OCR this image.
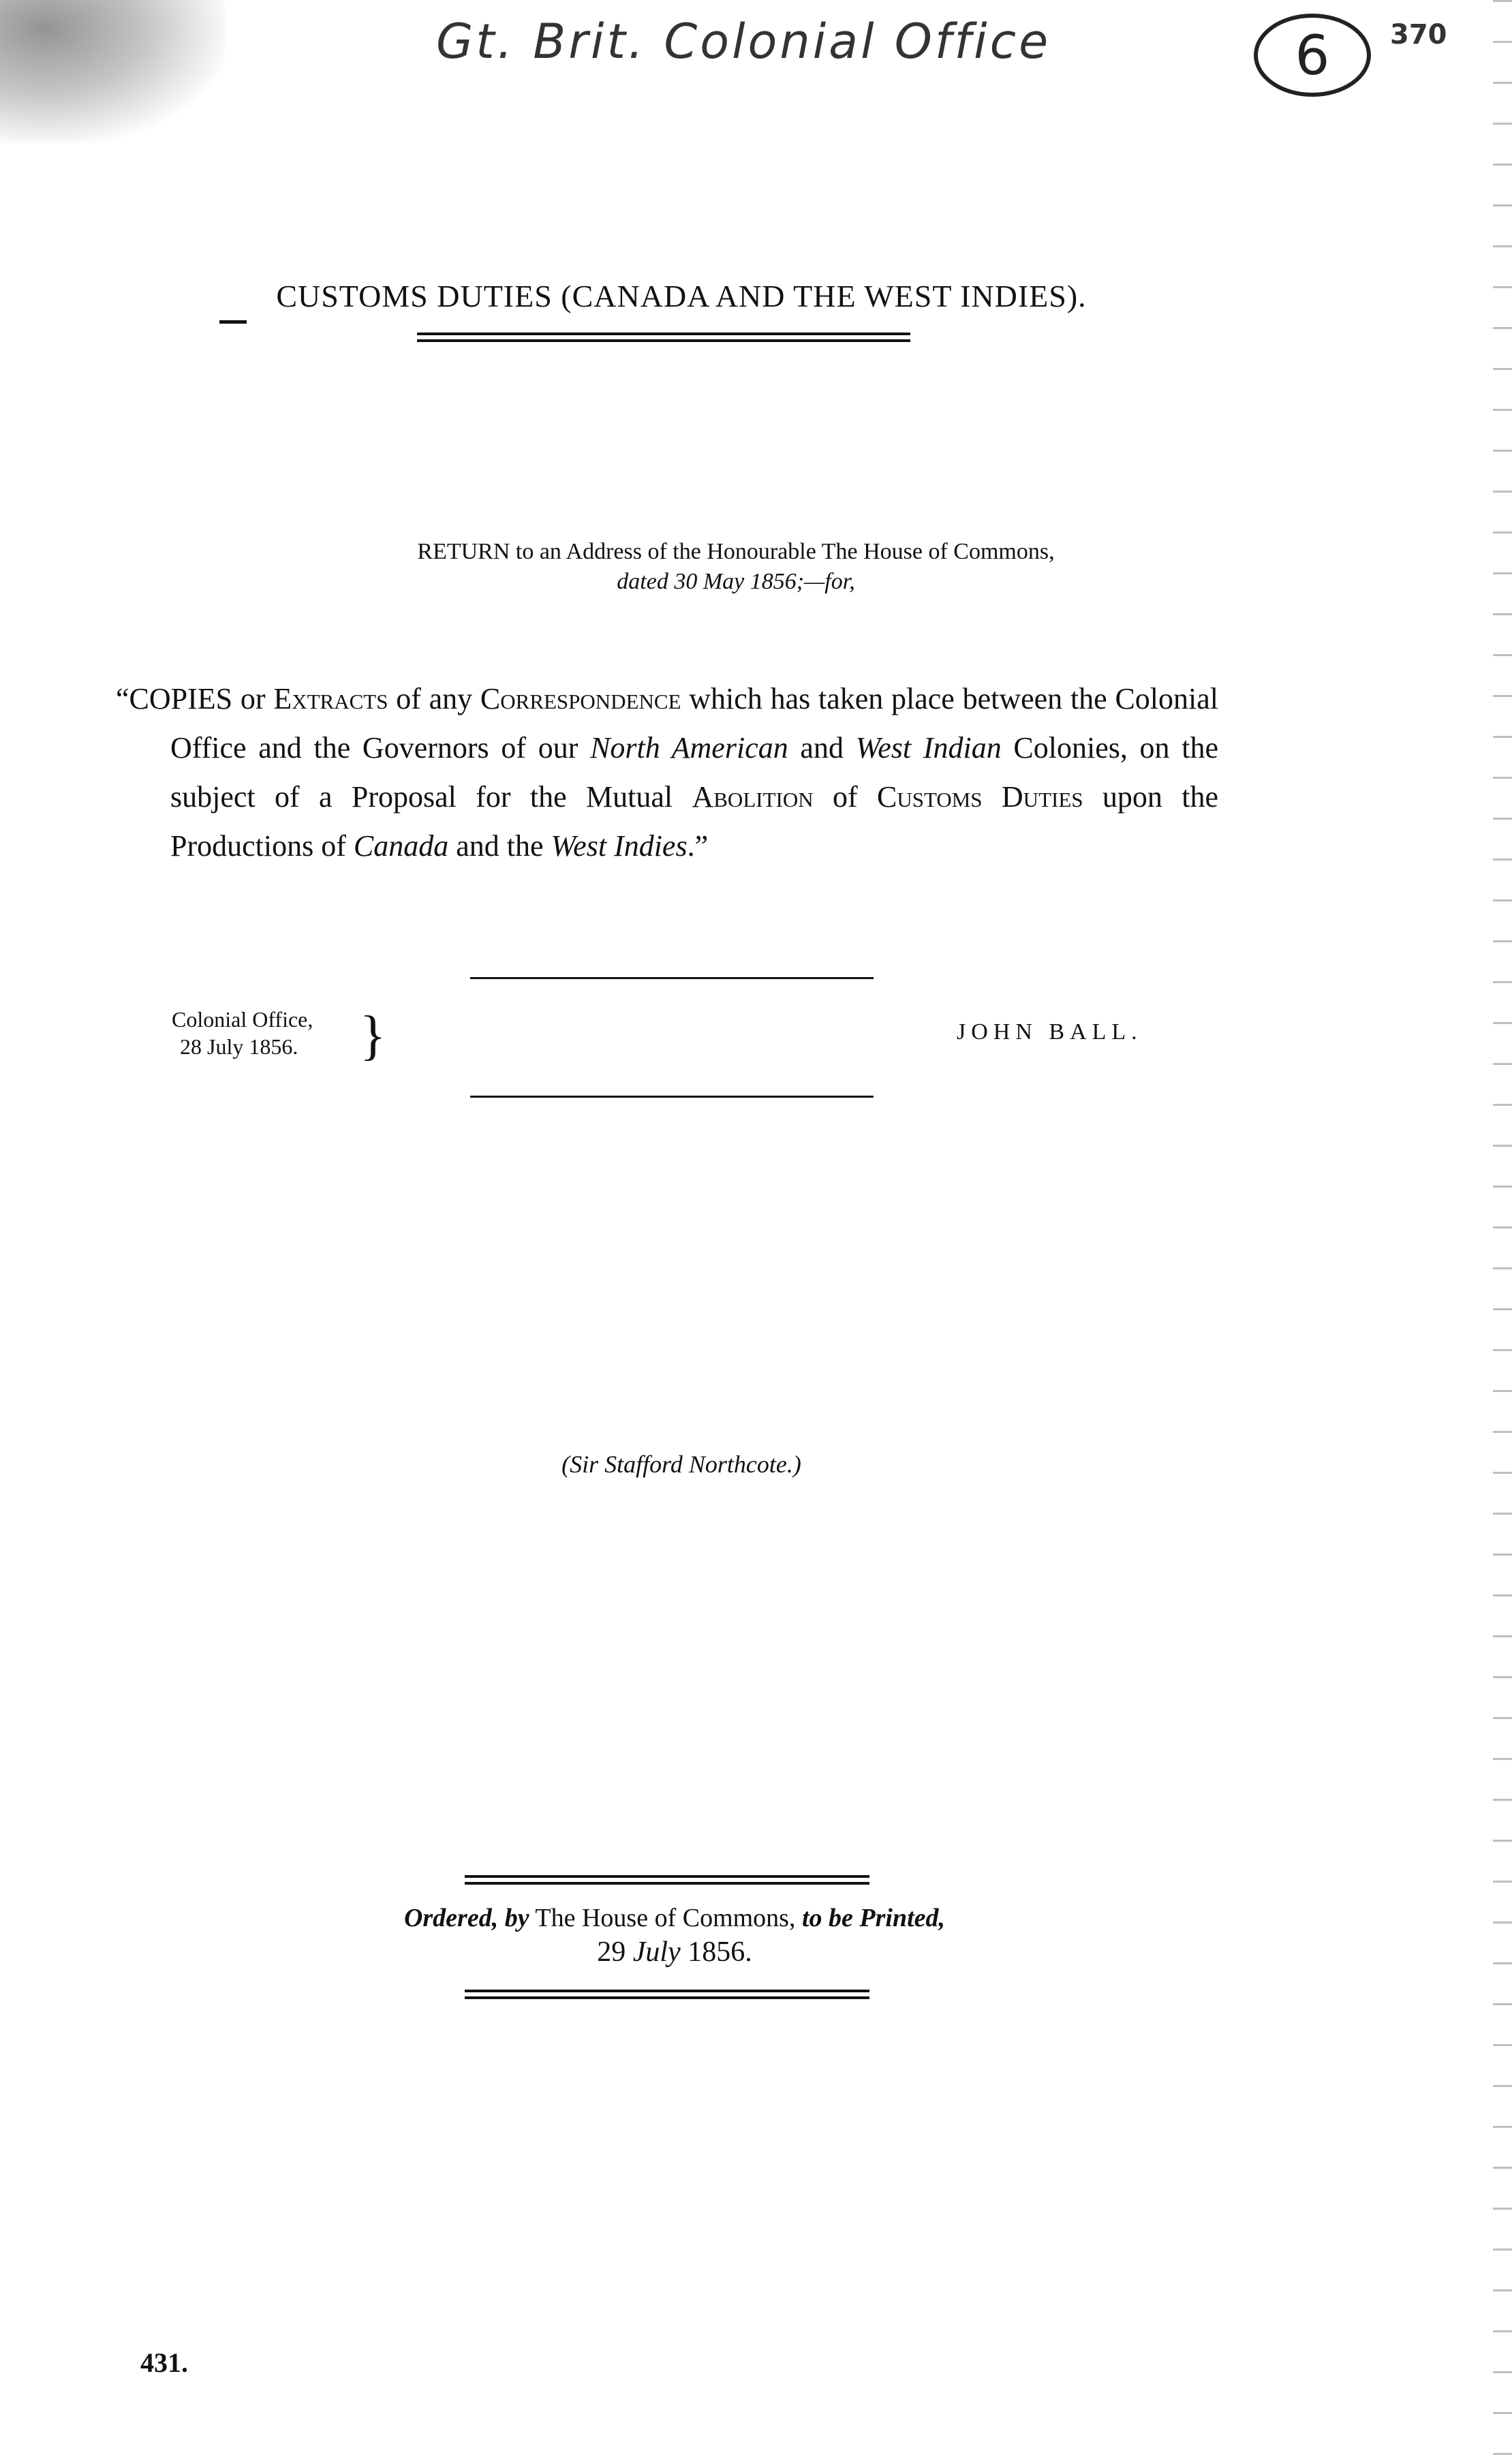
Gt. Brit. Colonial Office	6 370
CUSTOMS DUTIES (CANADA AND THE WEST INDIES).
RETURN to an Address of the Honourable The House of Commons,
dated 30 May 1856;—for,
“COPIES or Extracts of any Correspondence which has taken place between the Colonial Office and the Governors of our North American and West Indian Colonies, on the subject of a Proposal for the Mutual Abolition of Customs Duties upon the Productions of Canada and the West Indies.”
Colonial Office,
28 July 1856. }	JOHN BALL.
(Sir Stafford Northcote.)
Ordered, by The House of Commons, to be Printed,
29 July 1856.
431.
